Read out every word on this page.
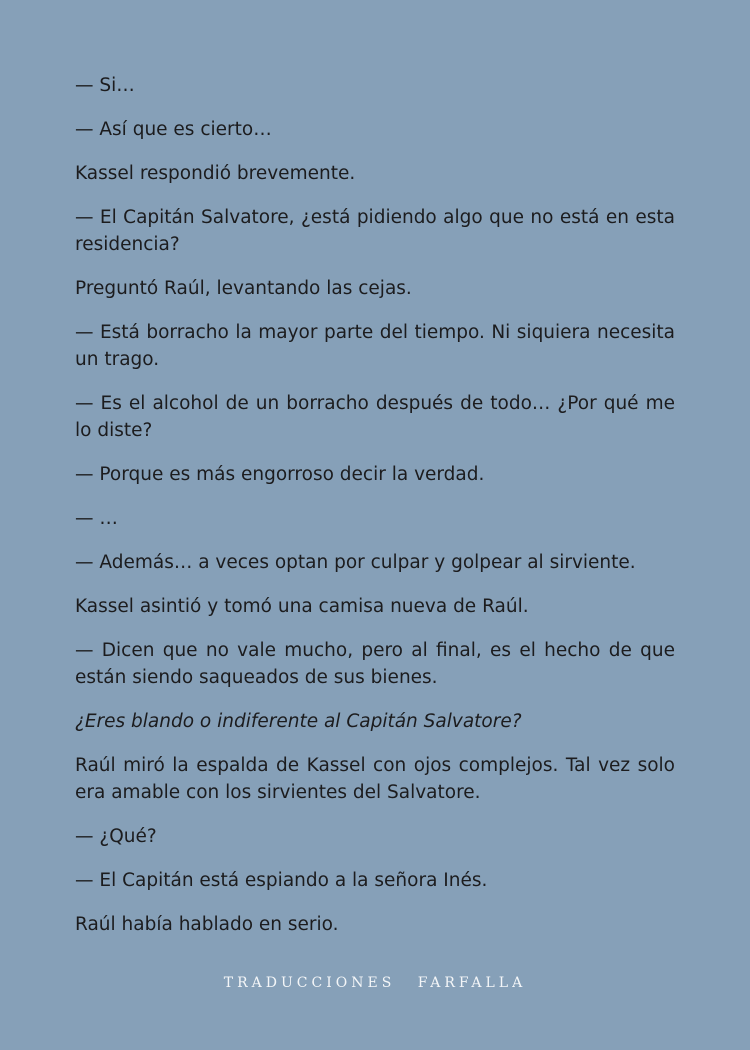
— Si…

— Así que es cierto…

Kassel respondió brevemente.

— El Capitán Salvatore, ¿está pidiendo algo que no está en esta residencia?

Preguntó Raúl, levantando las cejas.

— Está borracho la mayor parte del tiempo. Ni siquiera necesita un trago.

— Es el alcohol de un borracho después de todo… ¿Por qué me lo diste?

— Porque es más engorroso decir la verdad.

— …

— Además… a veces optan por culpar y golpear al sirviente.

Kassel asintió y tomó una camisa nueva de Raúl.

— Dicen que no vale mucho, pero al final, es el hecho de que están siendo saqueados de sus bienes.

¿Eres blando o indiferente al Capitán Salvatore?

Raúl miró la espalda de Kassel con ojos complejos. Tal vez solo era amable con los sirvientes del Salvatore.

— ¿Qué?

— El Capitán está espiando a la señora Inés.

Raúl había hablado en serio.

TRADUCCIONES FARFALLA
